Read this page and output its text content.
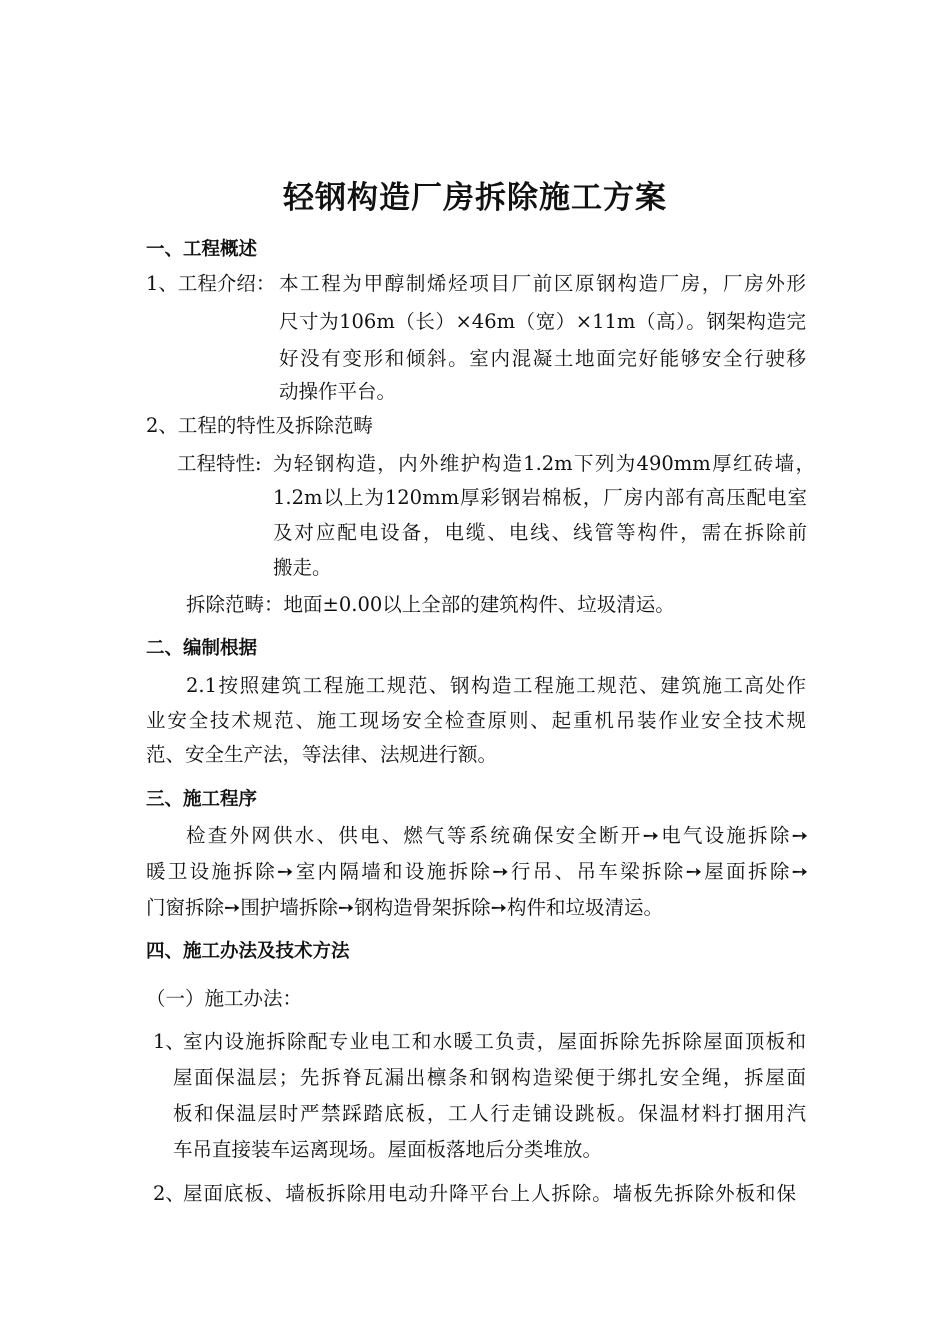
轻钢构造厂房拆除施工方案
一、工程概述
1、工程介绍： 本工程为甲醇制烯烃项目厂前区原钢构造厂房，厂房外形
尺寸为106m（长）×46m（宽）×11m（高）。钢架构造完
好没有变形和倾斜。室内混凝土地面完好能够安全行驶移
动操作平台。
2、工程的特性及拆除范畴
工程特性: 为轻钢构造，内外维护构造1.2m下列为490mm厚红砖墙，
1.2m以上为120mm厚彩钢岩棉板，厂房内部有高压配电室
及对应配电设备，电缆、电线、线管等构件，需在拆除前
搬走。
拆除范畴：地面±0.00以上全部的建筑构件、垃圾清运。
二、编制根据
2.1按照建筑工程施工规范、钢构造工程施工规范、建筑施工高处作
业安全技术规范、施工现场安全检查原则、起重机吊装作业安全技术规
范、安全生产法，等法律、法规进行额。
三、施工程序
检查外网供水、供电、燃气等系统确保安全断开➙电气设施拆除➙
暖卫设施拆除➙室内隔墙和设施拆除➙行吊、吊车梁拆除➙屋面拆除➙
门窗拆除➙围护墙拆除➙钢构造骨架拆除➙构件和垃圾清运。
四、施工办法及技术方法
（一）施工办法：
1、
室内设施拆除配专业电工和水暖工负责，屋面拆除先拆除屋面顶板和
屋面保温层；先拆脊瓦漏出檩条和钢构造梁便于绑扎安全绳，拆屋面
板和保温层时严禁踩踏底板，工人行走铺设跳板。保温材料打捆用汽
车吊直接装车运离现场。屋面板落地后分类堆放。
2、
屋面底板、墙板拆除用电动升降平台上人拆除。墙板先拆除外板和保
